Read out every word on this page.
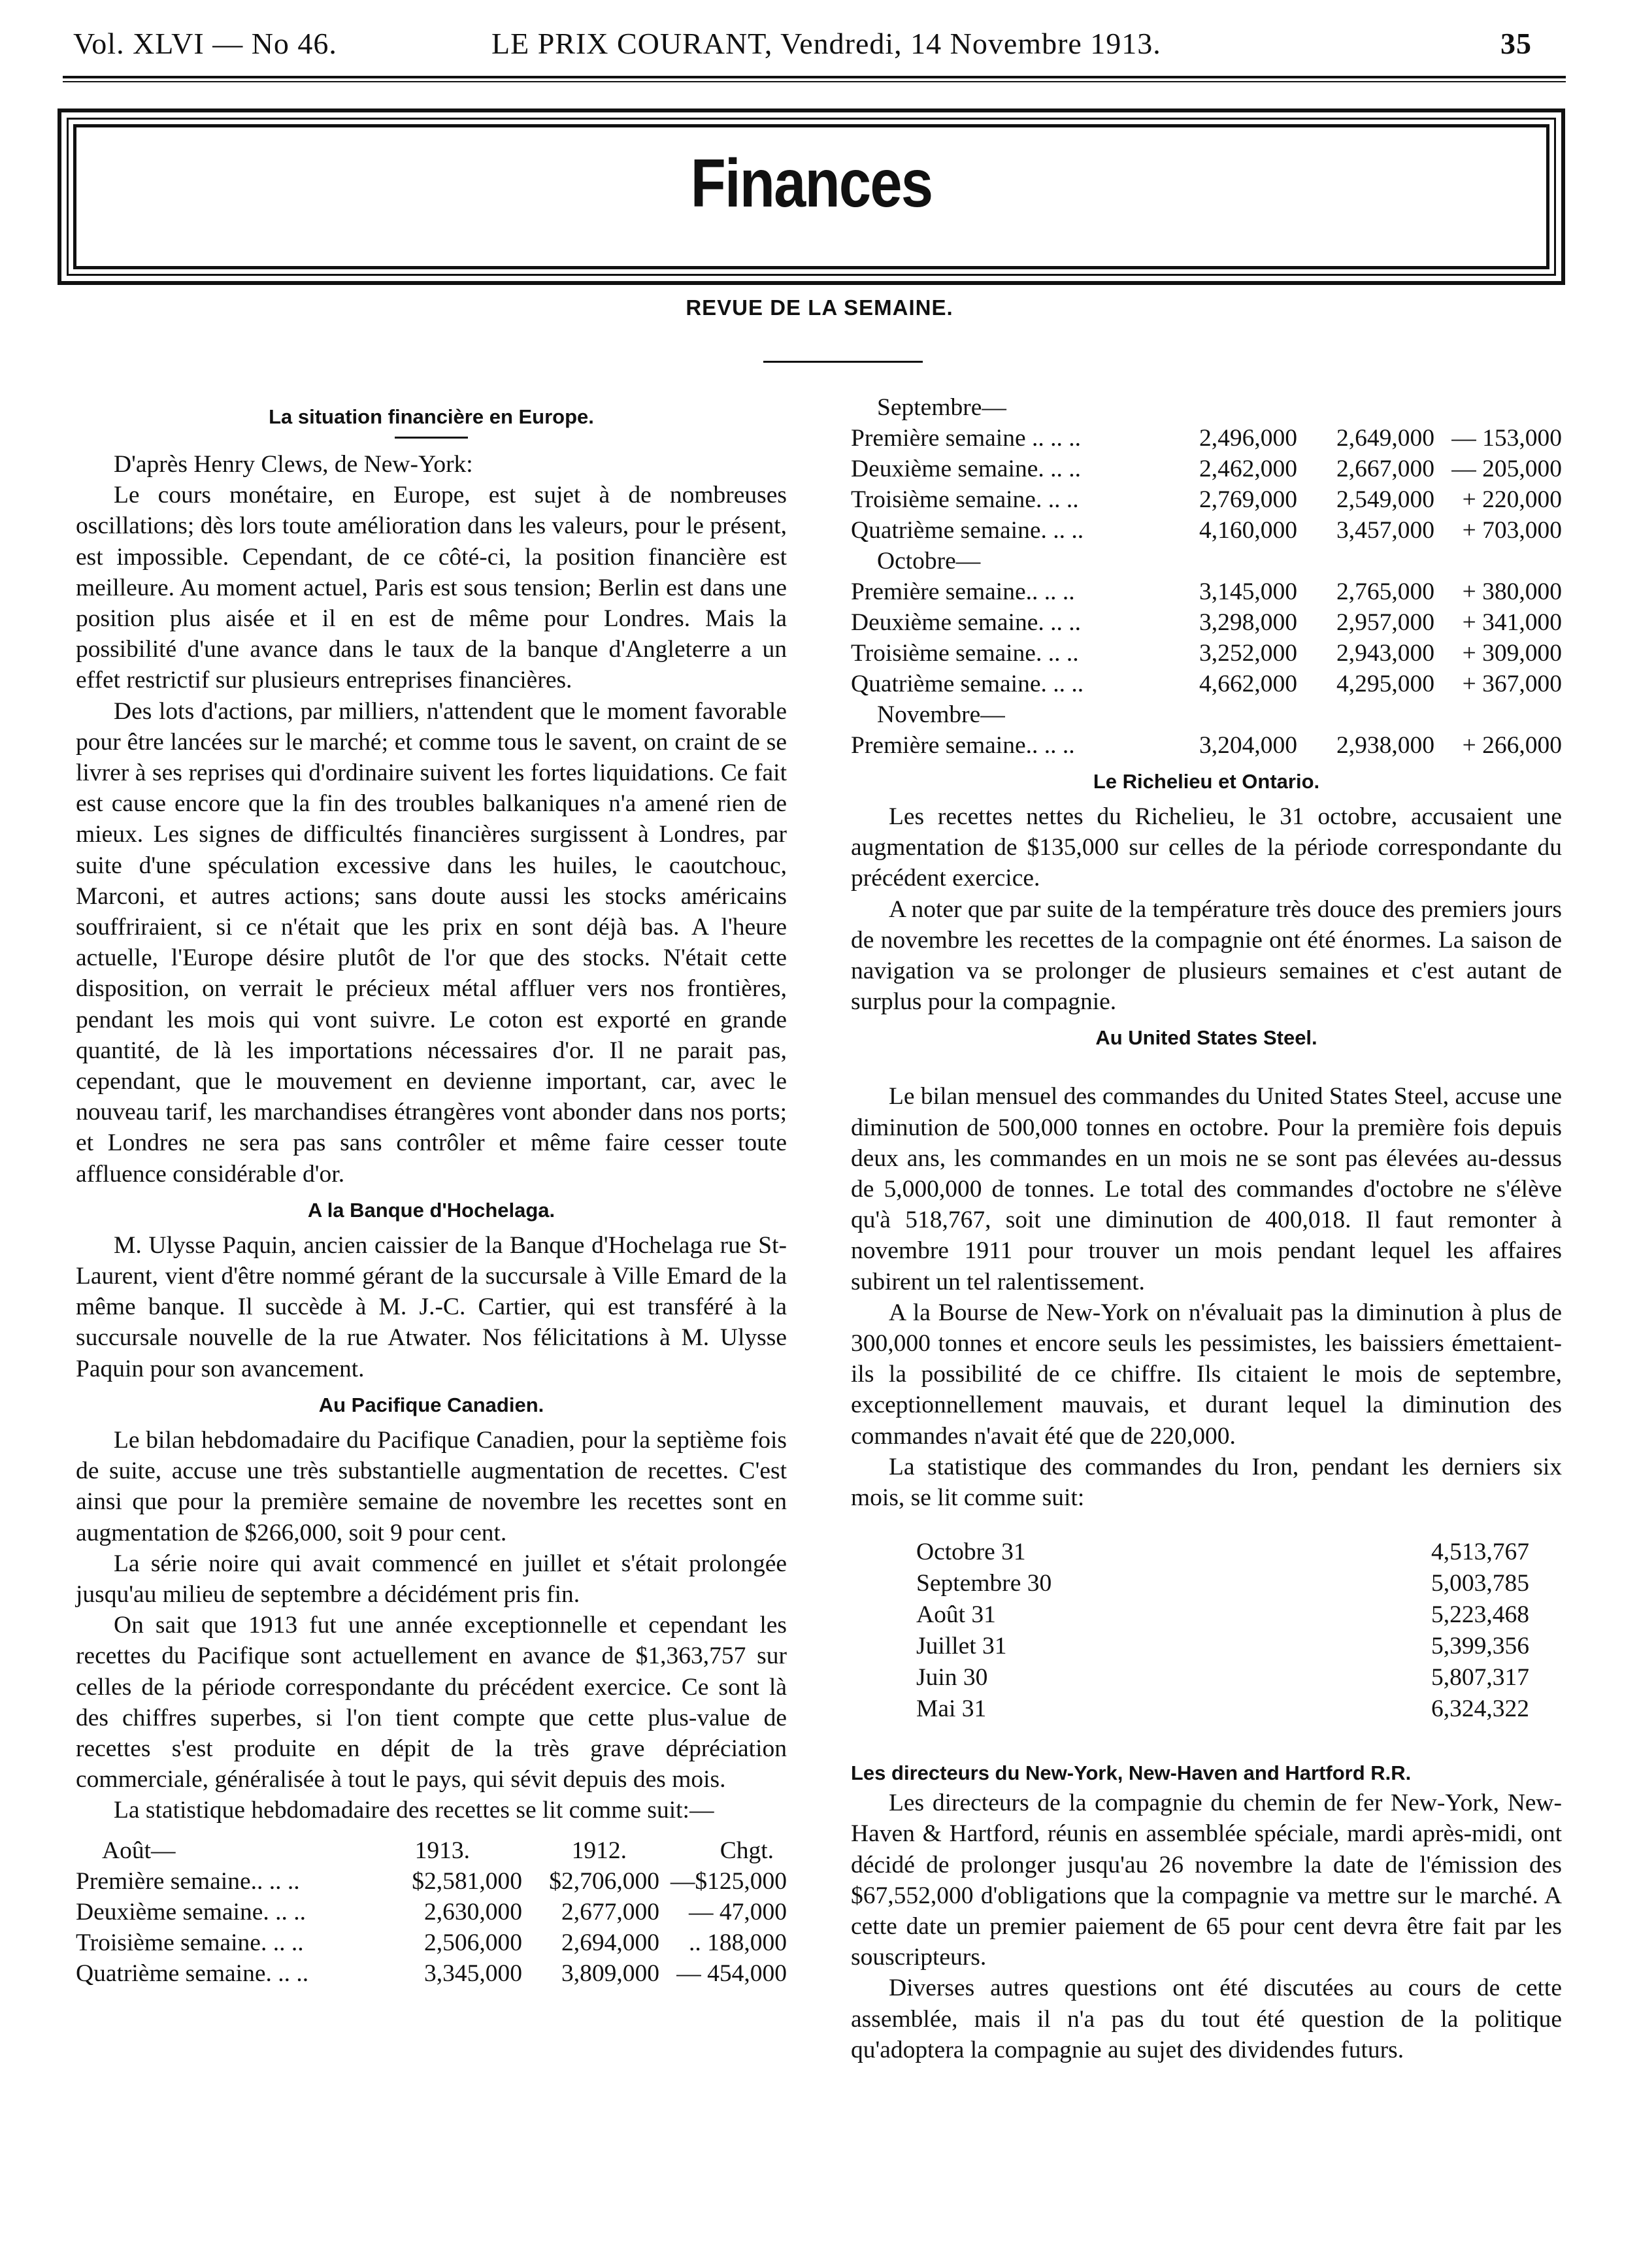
Vol. XLVI — No 46.	LE PRIX COURANT, Vendredi, 14 Novembre 1913.	35
Finances
REVUE DE LA SEMAINE.
La situation financière en Europe.

D'après Henry Clews, de New-York:

Le cours monétaire, en Europe, est sujet à de nombreuses oscillations; dès lors toute amélioration dans les valeurs, pour le présent, est impossible. Cependant, de ce côté-ci, la position financière est meilleure. Au moment actuel, Paris est sous tension; Berlin est dans une position plus aisée et il en est de même pour Londres. Mais la possibilité d'une avance dans le taux de la banque d'Angleterre a un effet restrictif sur plusieurs entreprises financières.

Des lots d'actions, par milliers, n'attendent que le moment favorable pour être lancées sur le marché; et comme tous le savent, on craint de se livrer à ses reprises qui d'ordinaire suivent les fortes liquidations. Ce fait est cause encore que la fin des troubles balkaniques n'a amené rien de mieux. Les signes de difficultés financières surgissent à Londres, par suite d'une spéculation excessive dans les huiles, le caoutchouc, Marconi, et autres actions; sans doute aussi les stocks américains souffriraient, si ce n'était que les prix en sont déjà bas. A l'heure actuelle, l'Europe désire plutôt de l'or que des stocks. N'était cette disposition, on verrait le précieux métal affluer vers nos frontières, pendant les mois qui vont suivre. Le coton est exporté en grande quantité, de là les importations nécessaires d'or. Il ne parait pas, cependant, que le mouvement en devienne important, car, avec le nouveau tarif, les marchandises étrangères vont abonder dans nos ports; et Londres ne sera pas sans contrôler et même faire cesser toute affluence considérable d'or.

A la Banque d'Hochelaga.

M. Ulysse Paquin, ancien caissier de la Banque d'Hochelaga rue St-Laurent, vient d'être nommé gérant de la succursale à Ville Emard de la même banque. Il succède à M. J.-C. Cartier, qui est transféré à la succursale nouvelle de la rue Atwater. Nos félicitations à M. Ulysse Paquin pour son avancement.

Au Pacifique Canadien.

Le bilan hebdomadaire du Pacifique Canadien, pour la septième fois de suite, accuse une très substantielle augmentation de recettes. C'est ainsi que pour la première semaine de novembre les recettes sont en augmentation de $266,000, soit 9 pour cent.

La série noire qui avait commencé en juillet et s'était prolongée jusqu'au milieu de septembre a décidément pris fin.

On sait que 1913 fut une année exceptionnelle et cependant les recettes du Pacifique sont actuellement en avance de $1,363,757 sur celles de la période correspondante du précédent exercice. Ce sont là des chiffres superbes, si l'on tient compte que cette plus-value de recettes s'est produite en dépit de la très grave dépréciation commerciale, généralisée à tout le pays, qui sévit depuis des mois.

La statistique hebdomadaire des recettes se lit comme suit:—

Août—	1913.	1912.	Chgt.
Première semaine.. .. ..	$2,581,000	$2,706,000 —$125,000
Deuxième semaine. .. ..	2,630,000	2,677,000	— 47,000
Troisième semaine. .. ..	2,506,000	2,694,000	.. 188,000
Quatrième semaine. .. ..	3,345,000	3,809,000 — 454,000
Septembre—
Première semaine .. .. ..	2,496,000	2,649,000 — 153,000
Deuxième semaine. .. ..	2,462,000	2,667,000 — 205,000
Troisième semaine. .. ..	2,769,000	2,549,000	+ 220,000
Quatrième semaine. .. ..	4,160,000	3,457,000	+ 703,000
Octobre—
Première semaine.. .. ..	3,145,000	2,765,000	+ 380,000
Deuxième semaine. .. ..	3,298,000	2,957,000	+ 341,000
Troisième semaine. .. ..	3,252,000	2,943,000	+ 309,000
Quatrième semaine. .. ..	4,662,000	4,295,000	+ 367,000
Novembre—
Première semaine.. .. ..	3,204,000	2,938,000	+ 266,000
Le Richelieu et Ontario.

Les recettes nettes du Richelieu, le 31 octobre, accusaient une augmentation de $135,000 sur celles de la période correspondante du précédent exercice.

A noter que par suite de la température très douce des premiers jours de novembre les recettes de la compagnie ont été énormes. La saison de navigation va se prolonger de plusieurs semaines et c'est autant de surplus pour la compagnie.

Au United States Steel.

Le bilan mensuel des commandes du United States Steel, accuse une diminution de 500,000 tonnes en octobre. Pour la première fois depuis deux ans, les commandes en un mois ne se sont pas élevées au-dessus de 5,000,000 de tonnes. Le total des commandes d'octobre ne s'élève qu'à 518,767, soit une diminution de 400,018. Il faut remonter à novembre 1911 pour trouver un mois pendant lequel les affaires subirent un tel ralentissement.

A la Bourse de New-York on n'évaluait pas la diminution à plus de 300,000 tonnes et encore seuls les pessimistes, les baissiers émettaient-ils la possibilité de ce chiffre. Ils citaient le mois de septembre, exceptionnellement mauvais, et durant lequel la diminution des commandes n'avait été que de 220,000.

La statistique des commandes du Iron, pendant les derniers six mois, se lit comme suit:

Octobre 31	4,513,767
Septembre 30	5,003,785
Août 31	5,223,468
Juillet 31	5,399,356
Juin 30	5,807,317
Mai 31	6,324,322
Les directeurs du New-York, New-Haven and Hartford R.R.

Les directeurs de la compagnie du chemin de fer New-York, New-Haven & Hartford, réunis en assemblée spéciale, mardi après-midi, ont décidé de prolonger jusqu'au 26 novembre la date de l'émission des $67,552,000 d'obligations que la compagnie va mettre sur le marché. A cette date un premier paiement de 65 pour cent devra être fait par les souscripteurs.

Diverses autres questions ont été discutées au cours de cette assemblée, mais il n'a pas du tout été question de la politique qu'adoptera la compagnie au sujet des dividendes futurs.
